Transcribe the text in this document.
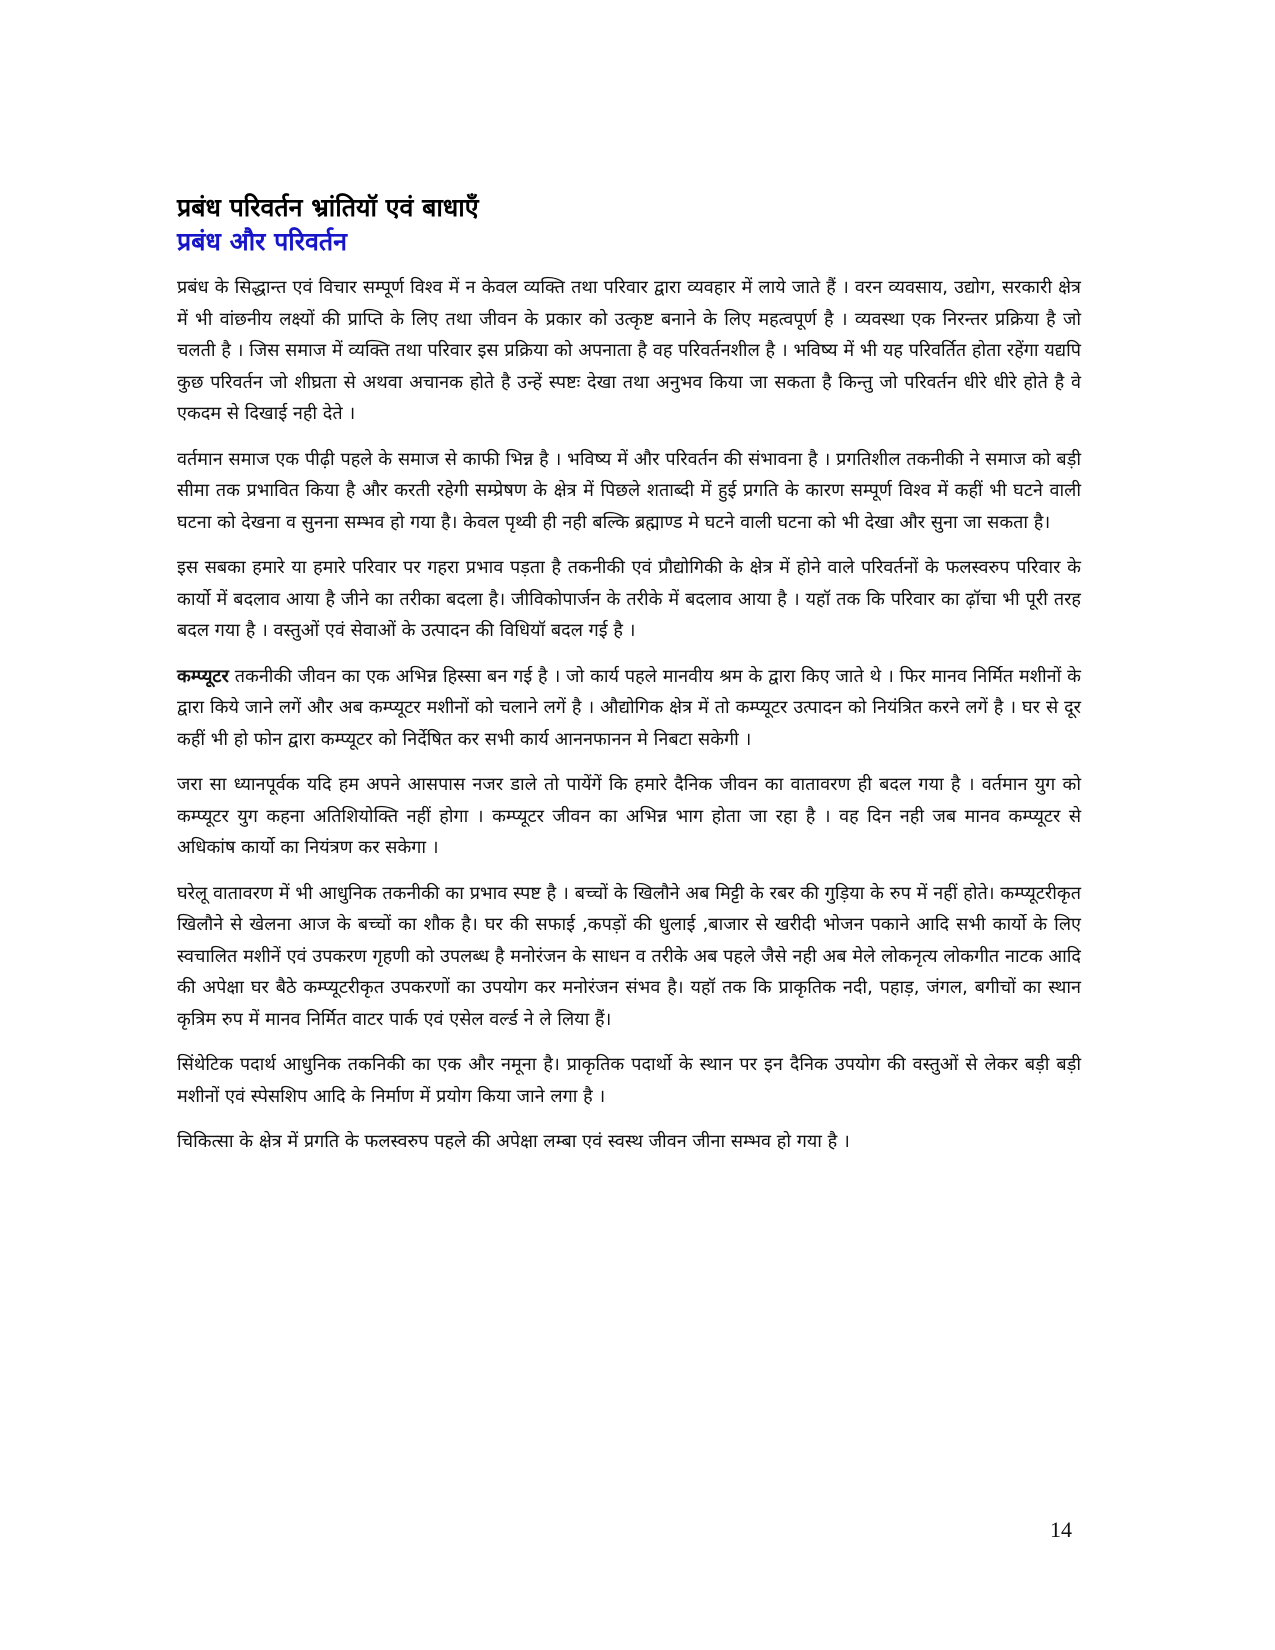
प्रबंध परिवर्तन भ्रांतियॉ एवं बाधाएँ
प्रबंध और परिवर्तन

प्रबंध के सिद्धान्त एवं विचार सम्पूर्ण विश्व में न केवल व्यक्ति तथा परिवार द्वारा व्यवहार में लाये जाते हैं । वरन व्यवसाय, उद्योग, सरकारी क्षेत्र में भी वांछनीय लक्ष्यों की प्राप्ति के लिए तथा जीवन के प्रकार को उत्कृष्ट बनाने के लिए महत्वपूर्ण है । व्यवस्था एक निरन्तर प्रक्रिया है जो चलती है । जिस समाज में व्यक्ति तथा परिवार इस प्रक्रिया को अपनाता है वह परिवर्तनशील है । भविष्य में भी यह परिवर्तित होता रहेंगा यद्यपि कुछ परिवर्तन जो शीघ्रता से अथवा अचानक होते है उन्हें स्पष्टः देखा तथा अनुभव किया जा सकता है किन्तु जो परिवर्तन धीरे धीरे होते है वे एकदम से दिखाई नही देते ।

वर्तमान समाज एक पीढ़ी पहले के समाज से काफी भिन्न है । भविष्य में और परिवर्तन की संभावना है । प्रगतिशील तकनीकी ने समाज को बड़ी सीमा तक प्रभावित किया है और करती रहेगी सम्प्रेषण के क्षेत्र में पिछले शताब्दी में हुई प्रगति के कारण सम्पूर्ण विश्व में कहीं भी घटने वाली घटना को देखना व सुनना सम्भव हो गया है। केवल पृथ्वी ही नही बल्कि ब्रह्माण्ड मे घटने वाली घटना को भी देखा और सुना जा सकता है।

इस सबका हमारे या हमारे परिवार पर गहरा प्रभाव पड़ता है तकनीकी एवं प्रौद्योगिकी के क्षेत्र में होने वाले परिवर्तनों के फलस्वरुप परिवार के कार्यो में बदलाव आया है जीने का तरीका बदला है। जीविकोपार्जन के तरीके में बदलाव आया है । यहॉ तक कि परिवार का ढ़ॉचा भी पूरी तरह बदल गया है । वस्तुओं एवं सेवाओं के उत्पादन की विधियॉ बदल गई है ।

कम्प्यूटर तकनीकी जीवन का एक अभिन्न हिस्सा बन गई है । जो कार्य पहले मानवीय श्रम के द्वारा किए जाते थे । फिर मानव निर्मित मशीनों के द्वारा किये जाने लगें और अब कम्प्यूटर मशीनों को चलाने लगें है । औद्योगिक क्षेत्र में तो कम्प्यूटर उत्पादन को नियंत्रित करने लगें है । घर से दूर कहीं भी हो फोन द्वारा कम्प्यूटर को निर्देषित कर सभी कार्य आननफानन मे निबटा सकेगी ।

जरा सा ध्यानपूर्वक यदि हम अपने आसपास नजर डाले तो पायेंगें कि हमारे दैनिक जीवन का वातावरण ही बदल गया है । वर्तमान युग को कम्प्यूटर युग कहना अतिशियोक्ति नहीं होगा । कम्प्यूटर जीवन का अभिन्न भाग होता जा रहा है । वह दिन नही जब मानव कम्प्यूटर से अधिकांष कार्यो का नियंत्रण कर सकेगा ।

घरेलू वातावरण में भी आधुनिक तकनीकी का प्रभाव स्पष्ट है । बच्चों के खिलौने अब मिट्टी के रबर की गुड़िया के रुप में नहीं होते। कम्प्यूटरीकृत खिलौने से खेलना आज के बच्चों का शौक है। घर की सफाई ,कपड़ों की धुलाई ,बाजार से खरीदी भोजन पकाने आदि सभी कार्यो के लिए स्वचालित मशीनें एवं उपकरण गृहणी को उपलब्ध है मनोरंजन के साधन व तरीके अब पहले जैसे नही अब मेले लोकनृत्य लोकगीत नाटक आदि की अपेक्षा घर बैठे कम्प्यूटरीकृत उपकरणों का उपयोग कर मनोरंजन संभव है। यहॉ तक कि प्राकृतिक नदी, पहाड़, जंगल, बगीचों का स्थान कृत्रिम रुप में मानव निर्मित वाटर पार्क एवं एसेल वर्ल्ड ने ले लिया हैं।

सिंथेटिक पदार्थ आधुनिक तकनिकी का एक और नमूना है। प्राकृतिक पदार्थो के स्थान पर इन दैनिक उपयोग की वस्तुओं से लेकर बड़ी बड़ी मशीनों एवं स्पेसशिप आदि के निर्माण में प्रयोग किया जाने लगा है ।

चिकित्सा के क्षेत्र में प्रगति के फलस्वरुप पहले की अपेक्षा लम्बा एवं स्वस्थ जीवन जीना सम्भव हो गया है ।

14
